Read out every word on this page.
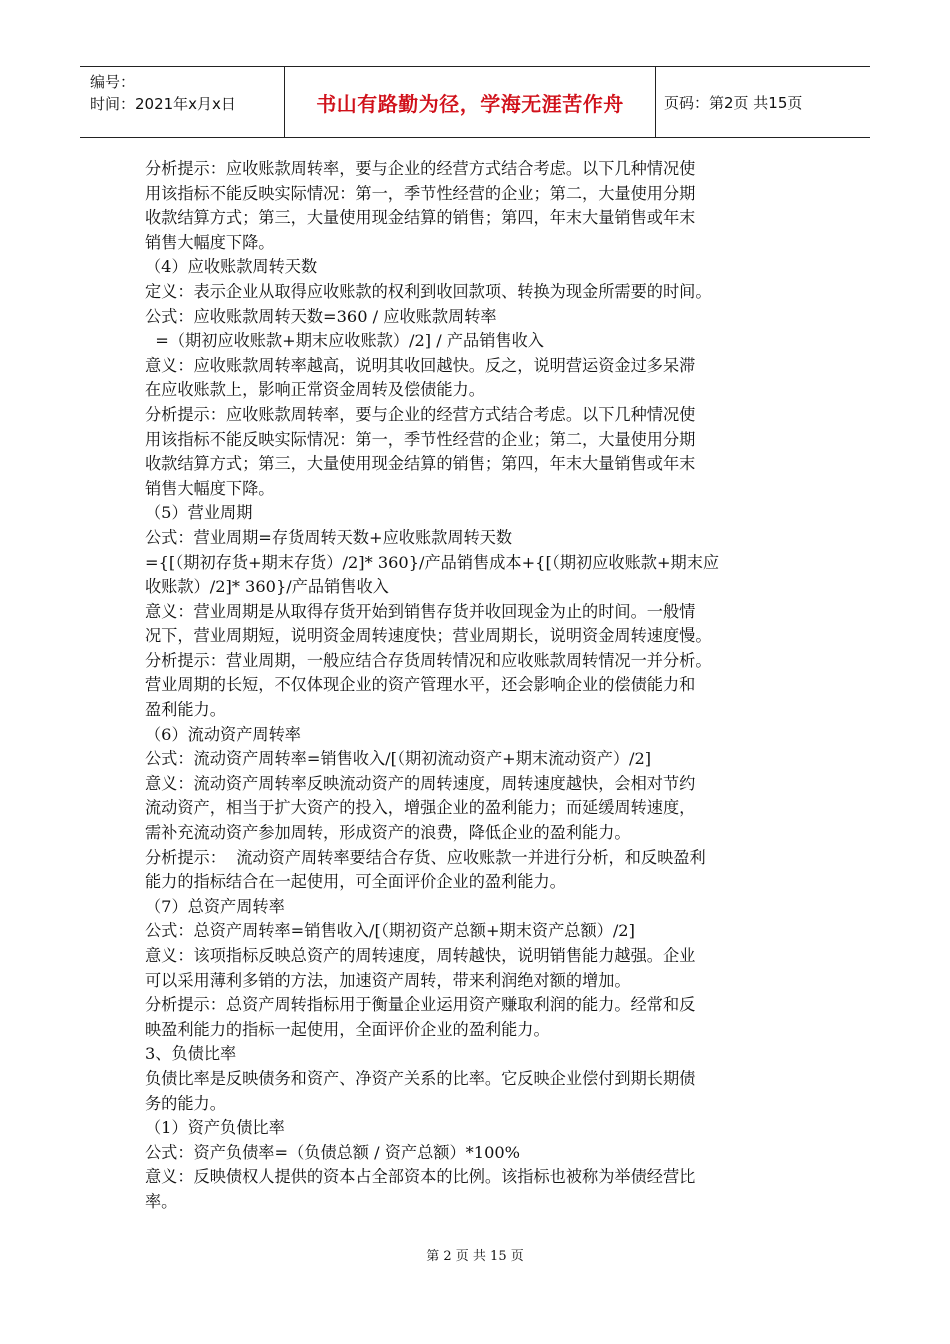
编号：
时间：2021年x月x日	书山有路勤为径，学海无涯苦作舟	页码：第2页 共15页

分析提示：应收账款周转率，要与企业的经营方式结合考虑。以下几种情况使

用该指标不能反映实际情况：第一，季节性经营的企业；第二，大量使用分期

收款结算方式；第三，大量使用现金结算的销售；第四，年末大量销售或年末

销售大幅度下降。

（4）应收账款周转天数

定义：表示企业从取得应收账款的权利到收回款项、转换为现金所需要的时间。

公式：应收账款周转天数=360 / 应收账款周转率

=（期初应收账款+期末应收账款）/2] / 产品销售收入

意义：应收账款周转率越高，说明其收回越快。反之，说明营运资金过多呆滞

在应收账款上，影响正常资金周转及偿债能力。

分析提示：应收账款周转率，要与企业的经营方式结合考虑。以下几种情况使

用该指标不能反映实际情况：第一，季节性经营的企业；第二，大量使用分期

收款结算方式；第三，大量使用现金结算的销售；第四，年末大量销售或年末

销售大幅度下降。

（5）营业周期

公式：营业周期=存货周转天数+应收账款周转天数

={[（期初存货+期末存货）/2]* 360}/产品销售成本+{[（期初应收账款+期末应

收账款）/2]* 360}/产品销售收入

意义：营业周期是从取得存货开始到销售存货并收回现金为止的时间。一般情

况下，营业周期短，说明资金周转速度快；营业周期长，说明资金周转速度慢。

分析提示：营业周期，一般应结合存货周转情况和应收账款周转情况一并分析。

营业周期的长短，不仅体现企业的资产管理水平，还会影响企业的偿债能力和

盈利能力。

（6）流动资产周转率

公式：流动资产周转率=销售收入/[（期初流动资产+期末流动资产）/2]

意义：流动资产周转率反映流动资产的周转速度，周转速度越快，会相对节约

流动资产，相当于扩大资产的投入，增强企业的盈利能力；而延缓周转速度，

需补充流动资产参加周转，形成资产的浪费，降低企业的盈利能力。

分析提示：  流动资产周转率要结合存货、应收账款一并进行分析，和反映盈利

能力的指标结合在一起使用，可全面评价企业的盈利能力。

（7）总资产周转率

公式：总资产周转率=销售收入/[（期初资产总额+期末资产总额）/2]

意义：该项指标反映总资产的周转速度，周转越快，说明销售能力越强。企业

可以采用薄利多销的方法，加速资产周转，带来利润绝对额的增加。

分析提示：总资产周转指标用于衡量企业运用资产赚取利润的能力。经常和反

映盈利能力的指标一起使用，全面评价企业的盈利能力。

3、负债比率

负债比率是反映债务和资产、净资产关系的比率。它反映企业偿付到期长期债

务的能力。

（1）资产负债比率

公式：资产负债率=（负债总额 / 资产总额）*100%

意义：反映债权人提供的资本占全部资本的比例。该指标也被称为举债经营比

率。

第 2 页 共 15 页
